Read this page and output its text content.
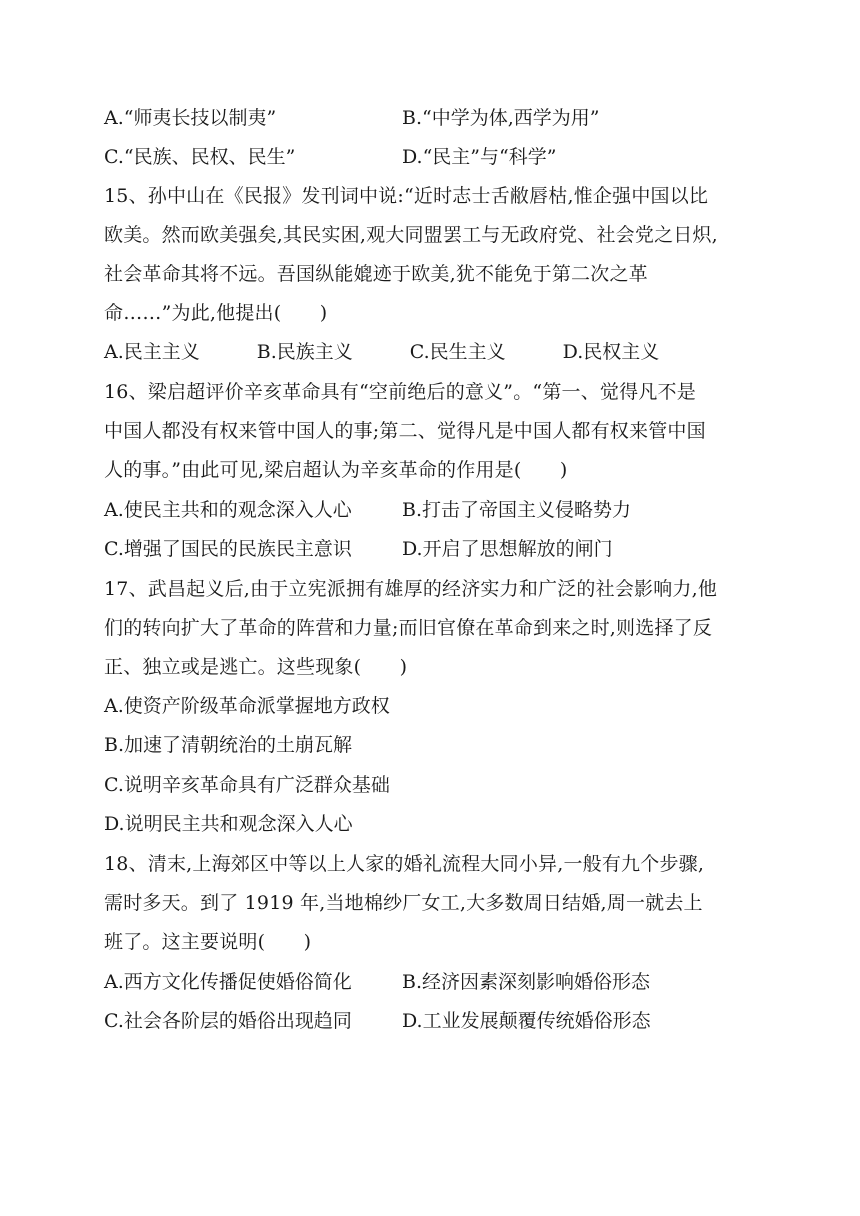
A.“师夷长技以制夷”	B.“中学为体,西学为用”
C.“民族、民权、民生”	D.“民主”与“科学”
15、孙中山在《民报》发刊词中说:“近时志士舌敝唇枯,惟企强中国以比
欧美。然而欧美强矣,其民实困,观大同盟罢工与无政府党、社会党之日炽,
社会革命其将不远。吾国纵能媲迹于欧美,犹不能免于第二次之革
命……”为此,他提出(　　)
A.民主主义　　　B.民族主义　　　C.民生主义　　　D.民权主义
16、梁启超评价辛亥革命具有“空前绝后的意义”。“第一、觉得凡不是
中国人都没有权来管中国人的事;第二、觉得凡是中国人都有权来管中国
人的事。”由此可见,梁启超认为辛亥革命的作用是(　　)
A.使民主共和的观念深入人心	B.打击了帝国主义侵略势力
C.增强了国民的民族民主意识	D.开启了思想解放的闸门
17、武昌起义后,由于立宪派拥有雄厚的经济实力和广泛的社会影响力,他
们的转向扩大了革命的阵营和力量;而旧官僚在革命到来之时,则选择了反
正、独立或是逃亡。这些现象(　　)
A.使资产阶级革命派掌握地方政权
B.加速了清朝统治的土崩瓦解
C.说明辛亥革命具有广泛群众基础
D.说明民主共和观念深入人心
18、清末,上海郊区中等以上人家的婚礼流程大同小异,一般有九个步骤,
需时多天。到了 1919 年,当地棉纱厂女工,大多数周日结婚,周一就去上
班了。这主要说明(　　)
A.西方文化传播促使婚俗简化	B.经济因素深刻影响婚俗形态
C.社会各阶层的婚俗出现趋同	D.工业发展颠覆传统婚俗形态
